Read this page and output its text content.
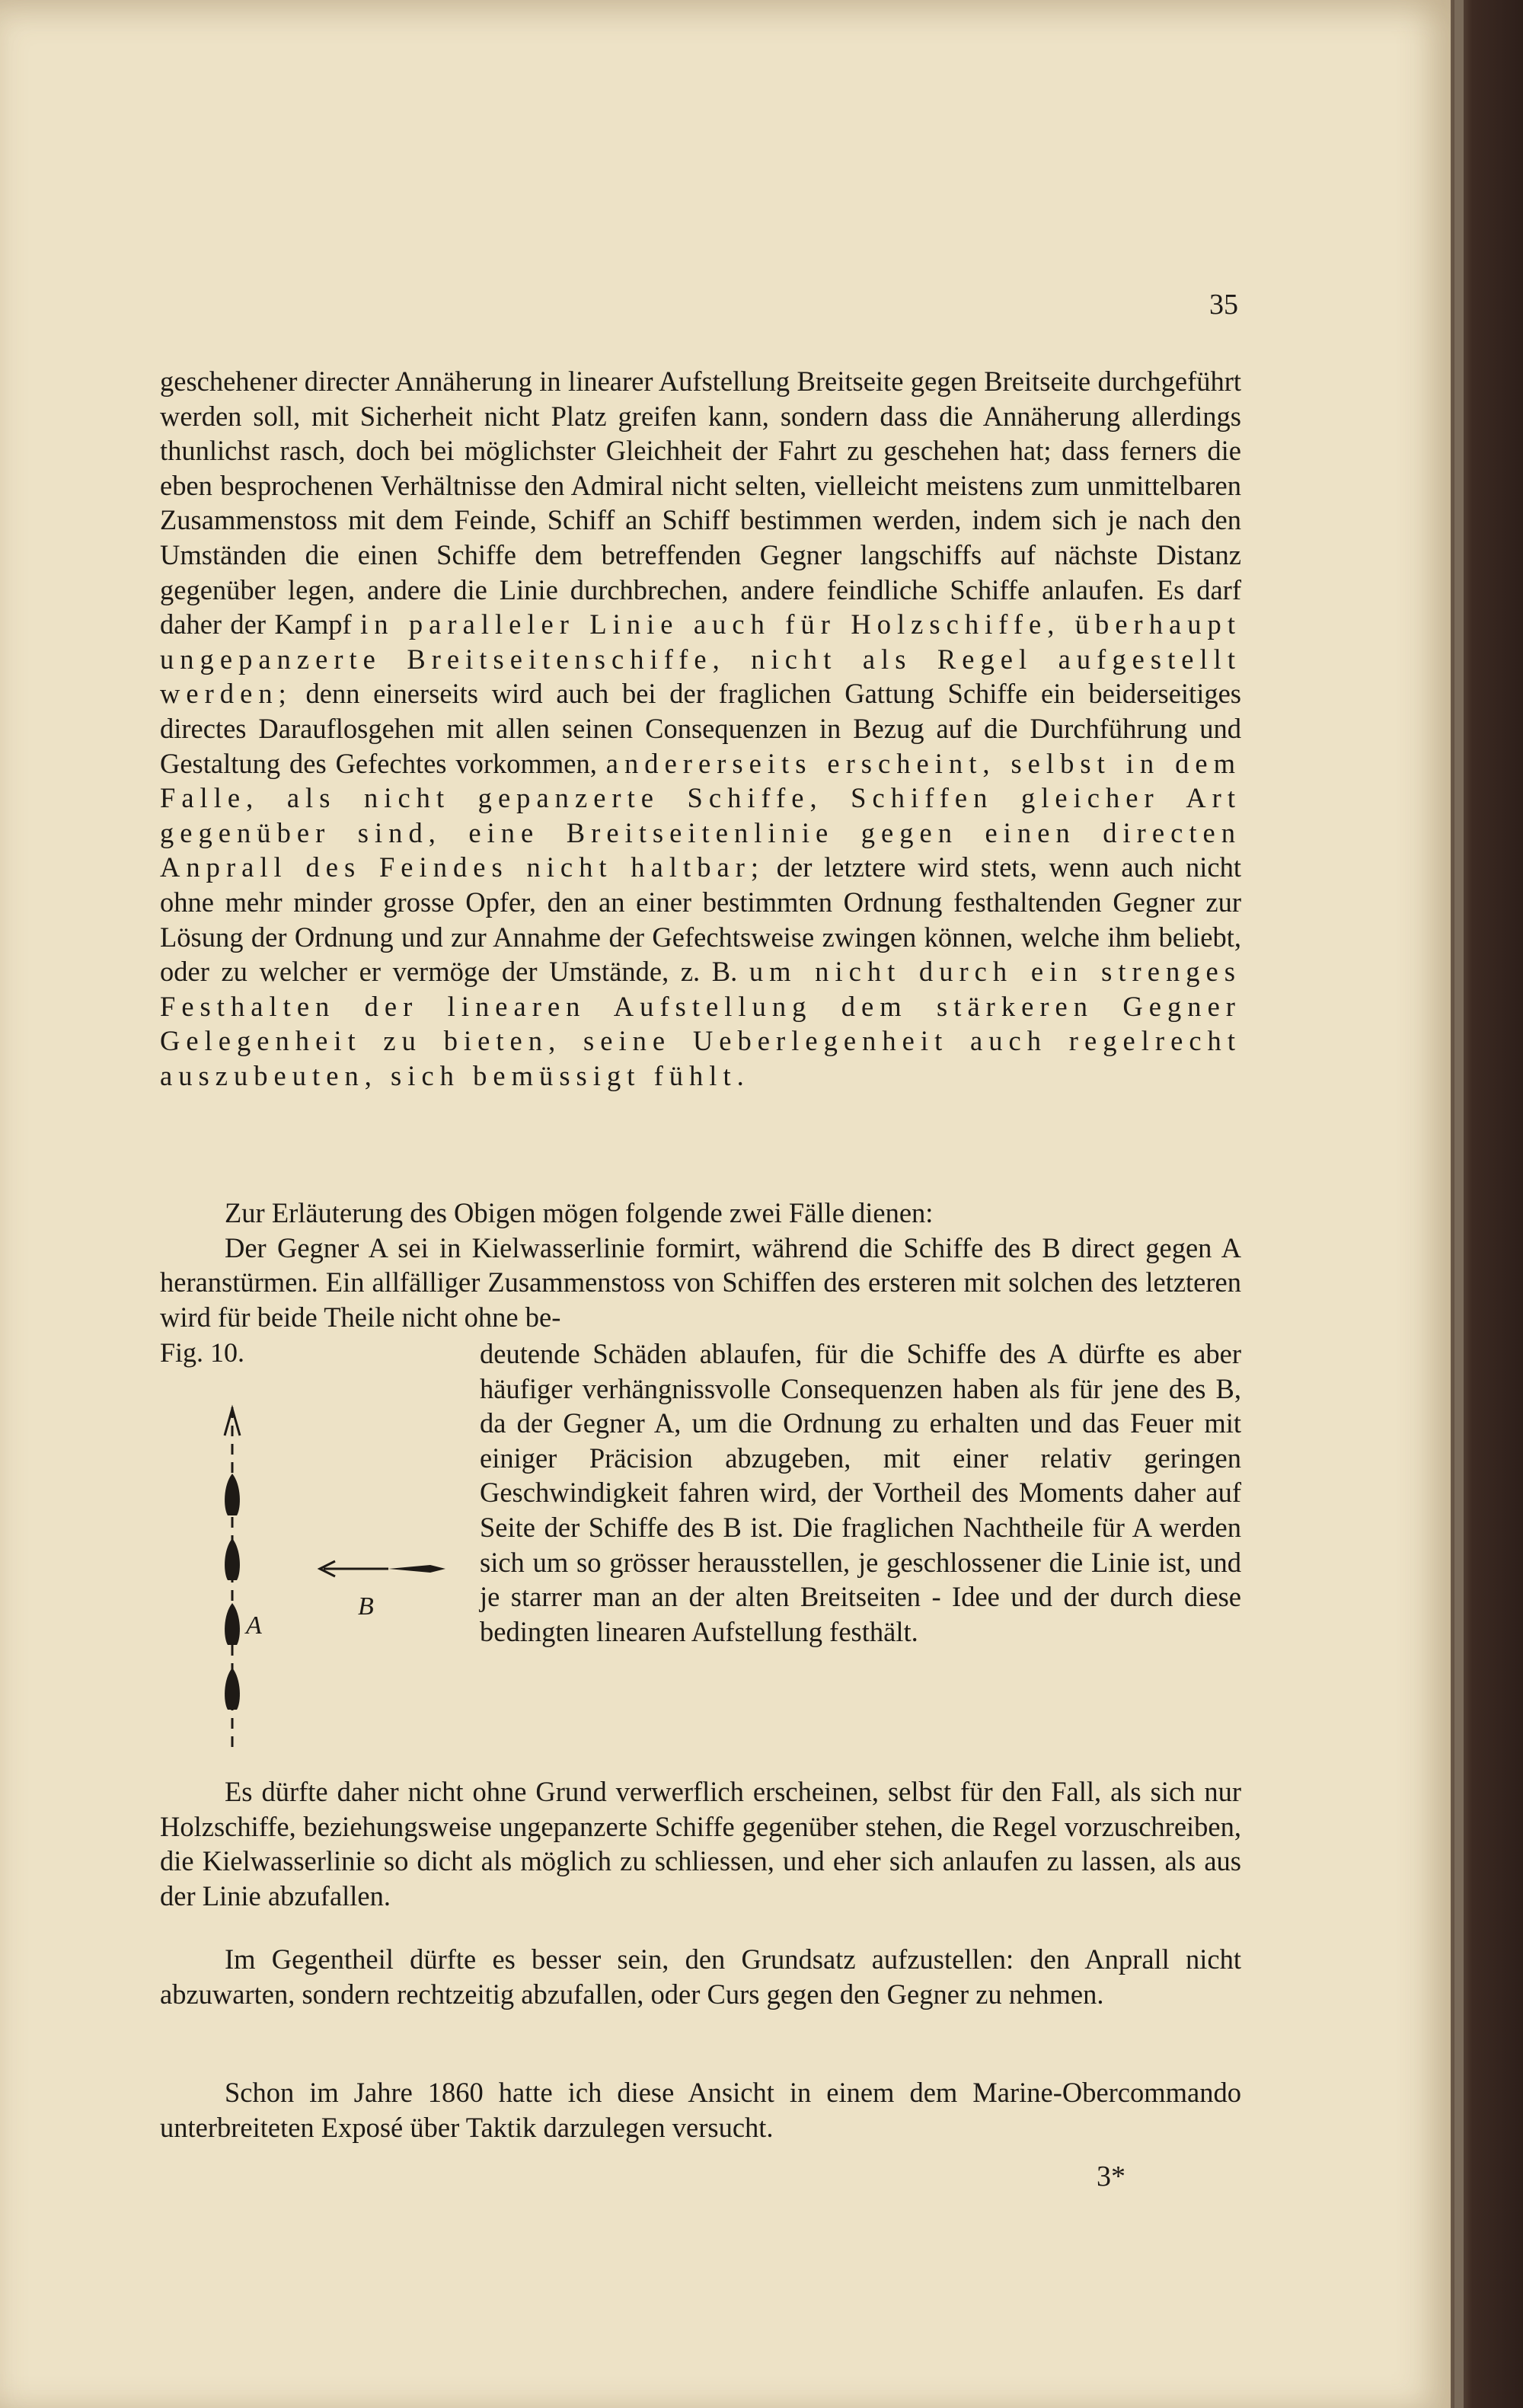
35

geschehener directer Annäherung in linearer Aufstellung Breitseite gegen Breitseite durchgeführt werden soll, mit Sicherheit nicht Platz greifen kann, sondern dass die Annäherung allerdings thunlichst rasch, doch bei möglichster Gleichheit der Fahrt zu geschehen hat; dass ferners die eben besprochenen Verhältnisse den Admiral nicht selten, vielleicht meistens zum unmittelbaren Zusammenstoss mit dem Feinde, Schiff an Schiff bestimmen werden, indem sich je nach den Umständen die einen Schiffe dem betreffenden Gegner langschiffs auf nächste Distanz gegenüber legen, andere die Linie durchbrechen, andere feindliche Schiffe anlaufen. Es darf daher der Kampf in paralleler Linie auch für Holzschiffe, überhaupt ungepanzerte Breitseitenschiffe, nicht als Regel aufgestellt werden; denn einerseits wird auch bei der fraglichen Gattung Schiffe ein beiderseitiges directes Darauflosgehen mit allen seinen Consequenzen in Bezug auf die Durchführung und Gestaltung des Gefechtes vorkommen, andererseits erscheint, selbst in dem Falle, als nicht gepanzerte Schiffe, Schiffen gleicher Art gegenüber sind, eine Breitseitenlinie gegen einen directen Anprall des Feindes nicht haltbar; der letztere wird stets, wenn auch nicht ohne mehr minder grosse Opfer, den an einer bestimmten Ordnung festhaltenden Gegner zur Lösung der Ordnung und zur Annahme der Gefechtsweise zwingen können, welche ihm beliebt, oder zu welcher er vermöge der Umstände, z. B. um nicht durch ein strenges Festhalten der linearen Aufstellung dem stärkeren Gegner Gelegenheit zu bieten, seine Ueberlegenheit auch regelrecht auszubeuten, sich bemüssigt fühlt.

Zur Erläuterung des Obigen mögen folgende zwei Fälle dienen:

Der Gegner A sei in Kielwasserlinie formirt, während die Schiffe des B direct gegen A heranstürmen. Ein allfälliger Zusammenstoss von Schiffen des ersteren mit solchen des letzteren wird für beide Theile nicht ohne be-

Fig. 10.	deutende Schäden ablaufen, für die Schiffe des A dürfte es aber häufiger verhängnissvolle Consequenzen haben als für jene des B, da der Gegner A, um die Ordnung zu erhalten und das Feuer mit einiger Präcision abzugeben, mit einer relativ geringen Geschwindigkeit fahren wird, der Vortheil des Moments daher auf Seite der Schiffe des B ist. Die fraglichen Nachtheile für A werden sich um so grösser herausstellen, je geschlossener die Linie ist, und je starrer man an der alten Breitseiten - Idee und der durch diese bedingten linearen Aufstellung festhält.
A
B

Es dürfte daher nicht ohne Grund verwerflich erscheinen, selbst für den Fall, als sich nur Holzschiffe, beziehungsweise ungepanzerte Schiffe gegenüber stehen, die Regel vorzuschreiben, die Kielwasserlinie so dicht als möglich zu schliessen, und eher sich anlaufen zu lassen, als aus der Linie abzufallen.

Im Gegentheil dürfte es besser sein, den Grundsatz aufzustellen: den Anprall nicht abzuwarten, sondern rechtzeitig abzufallen, oder Curs gegen den Gegner zu nehmen.

Schon im Jahre 1860 hatte ich diese Ansicht in einem dem Marine-Obercommando unterbreiteten Exposé über Taktik darzulegen versucht.

3*
